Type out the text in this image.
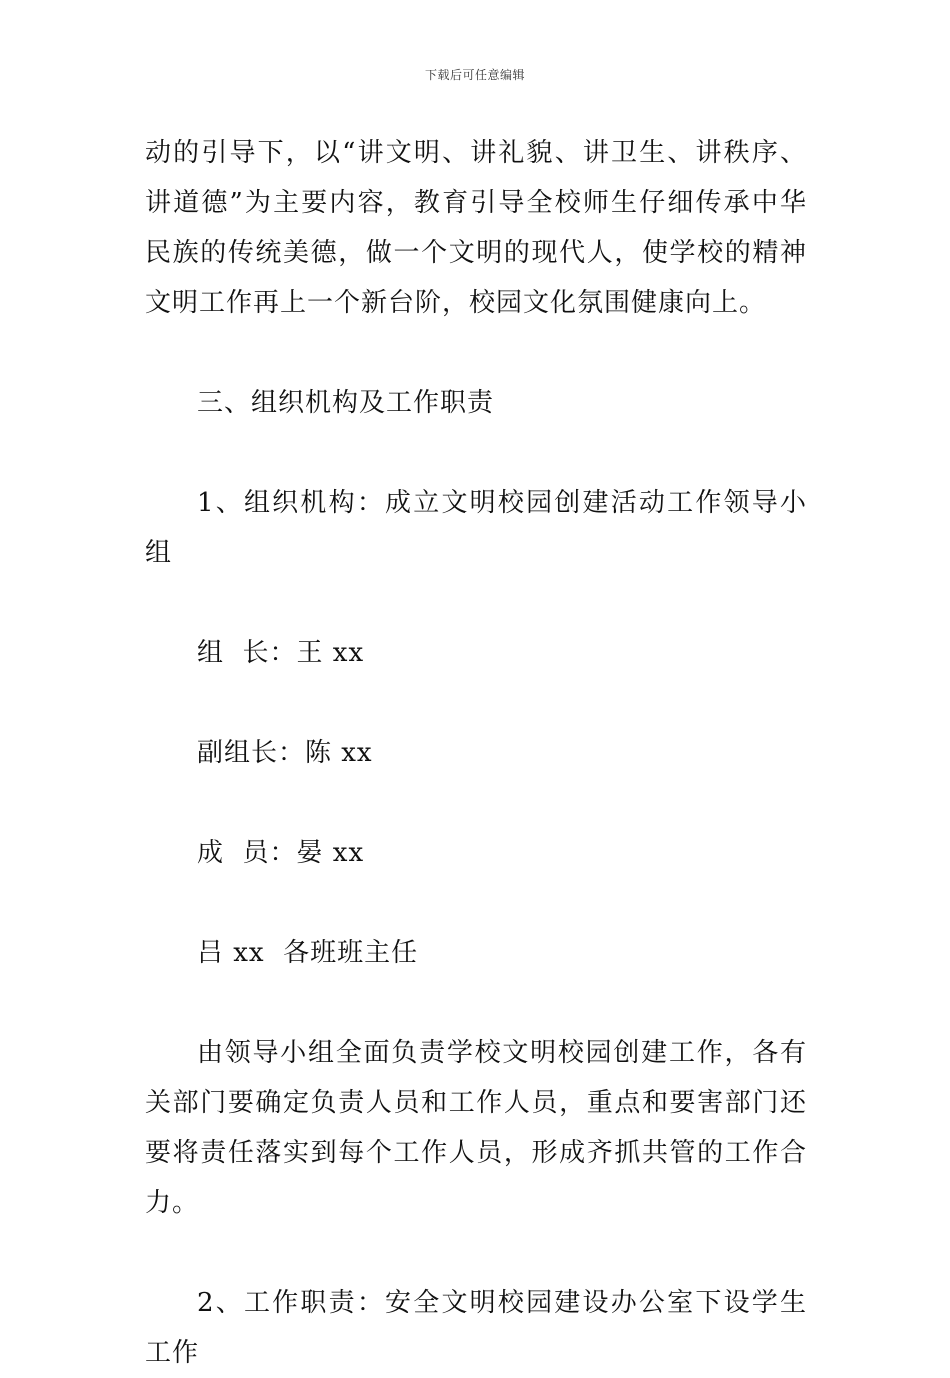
下载后可任意编辑

动的引导下，以“讲文明、讲礼貌、讲卫生、讲秩序、讲道德”为主要内容，教育引导全校师生仔细传承中华民族的传统美德，做一个文明的现代人，使学校的精神文明工作再上一个新台阶，校园文化氛围健康向上。

三、组织机构及工作职责

1、组织机构：成立文明校园创建活动工作领导小组

组  长：王 xx

副组长：陈 xx

成  员：晏 xx

吕 xx  各班班主任

由领导小组全面负责学校文明校园创建工作，各有关部门要确定负责人员和工作人员，重点和要害部门还要将责任落实到每个工作人员，形成齐抓共管的工作合力。

2、工作职责：安全文明校园建设办公室下设学生工作
